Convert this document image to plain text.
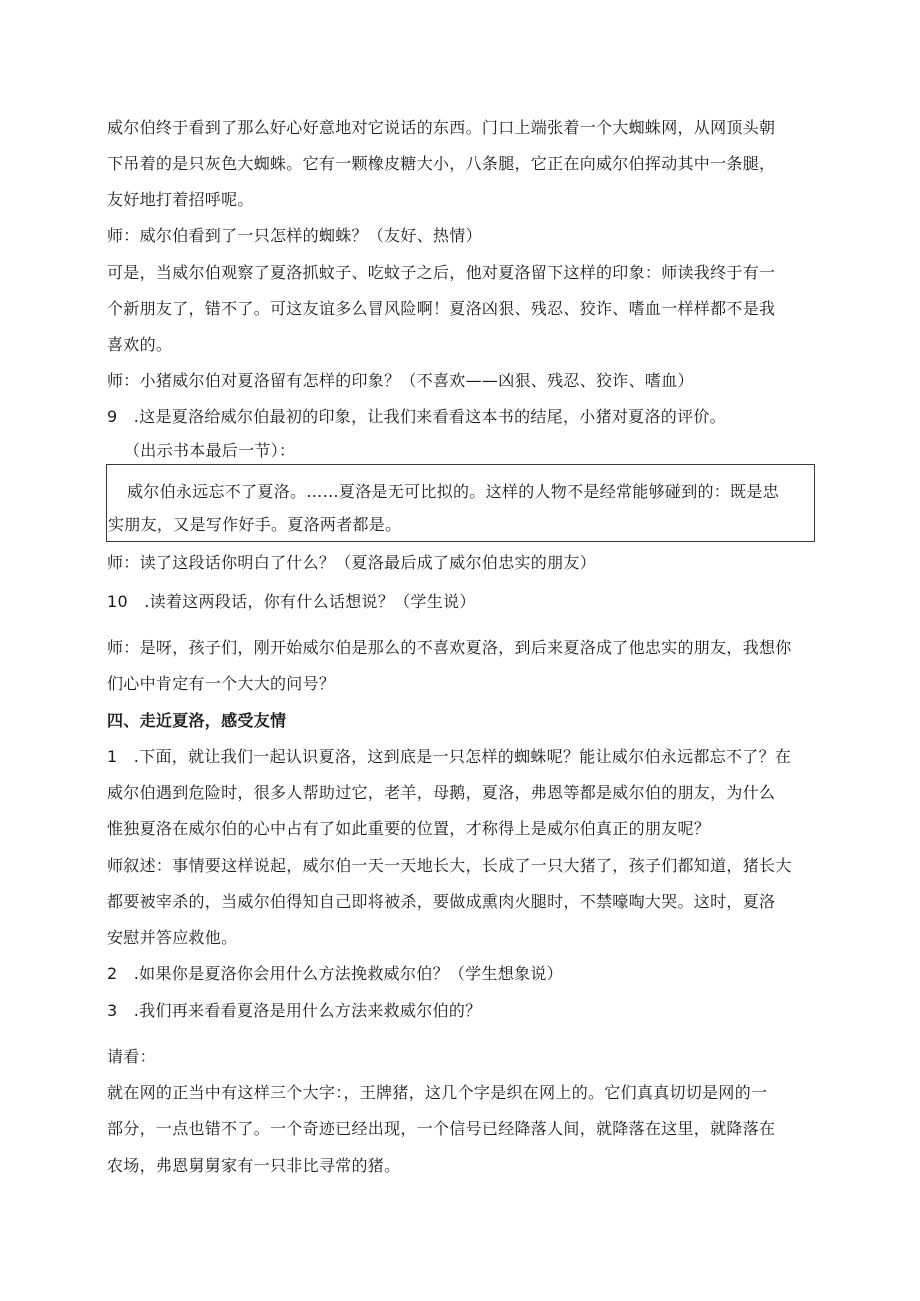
威尔伯终于看到了那么好心好意地对它说话的东西。门口上端张着一个大蜘蛛网，从网顶头朝
下吊着的是只灰色大蜘蛛。它有一颗橡皮糖大小，八条腿，它正在向威尔伯挥动其中一条腿，
友好地打着招呼呢。
师：威尔伯看到了一只怎样的蜘蛛？（友好、热情）
可是，当威尔伯观察了夏洛抓蚊子、吃蚊子之后，他对夏洛留下这样的印象：师读我终于有一
个新朋友了，错不了。可这友谊多么冒风险啊！夏洛凶狠、残忍、狡诈、嗜血一样样都不是我
喜欢的。
师：小猪威尔伯对夏洛留有怎样的印象？（不喜欢——凶狠、残忍、狡诈、嗜血）
9　.这是夏洛给威尔伯最初的印象，让我们来看看这本书的结尾，小猪对夏洛的评价。
（出示书本最后一节）：
威尔伯永远忘不了夏洛。……夏洛是无可比拟的。这样的人物不是经常能够碰到的：既是忠
实朋友，又是写作好手。夏洛两者都是。
师：读了这段话你明白了什么？（夏洛最后成了威尔伯忠实的朋友）
10　.读着这两段话，你有什么话想说？（学生说）
师：是呀，孩子们，刚开始威尔伯是那么的不喜欢夏洛，到后来夏洛成了他忠实的朋友，我想你
们心中肯定有一个大大的问号？
四、走近夏洛，感受友情
1　.下面，就让我们一起认识夏洛，这到底是一只怎样的蜘蛛呢？能让威尔伯永远都忘不了？在
威尔伯遇到危险时，很多人帮助过它，老羊，母鹅，夏洛，弗恩等都是威尔伯的朋友，为什么
惟独夏洛在威尔伯的心中占有了如此重要的位置，才称得上是威尔伯真正的朋友呢？
师叙述：事情要这样说起，威尔伯一天一天地长大，长成了一只大猪了，孩子们都知道，猪长大
都要被宰杀的，当威尔伯得知自己即将被杀，要做成熏肉火腿时，不禁嚎啕大哭。这时，夏洛
安慰并答应救他。
2　.如果你是夏洛你会用什么方法挽救威尔伯？（学生想象说）
3　.我们再来看看夏洛是用什么方法来救威尔伯的？
请看：
就在网的正当中有这样三个大字：，王牌猪，这几个字是织在网上的。它们真真切切是网的一
部分，一点也错不了。一个奇迹已经出现，一个信号已经降落人间，就降落在这里，就降落在
农场，弗恩舅舅家有一只非比寻常的猪。
